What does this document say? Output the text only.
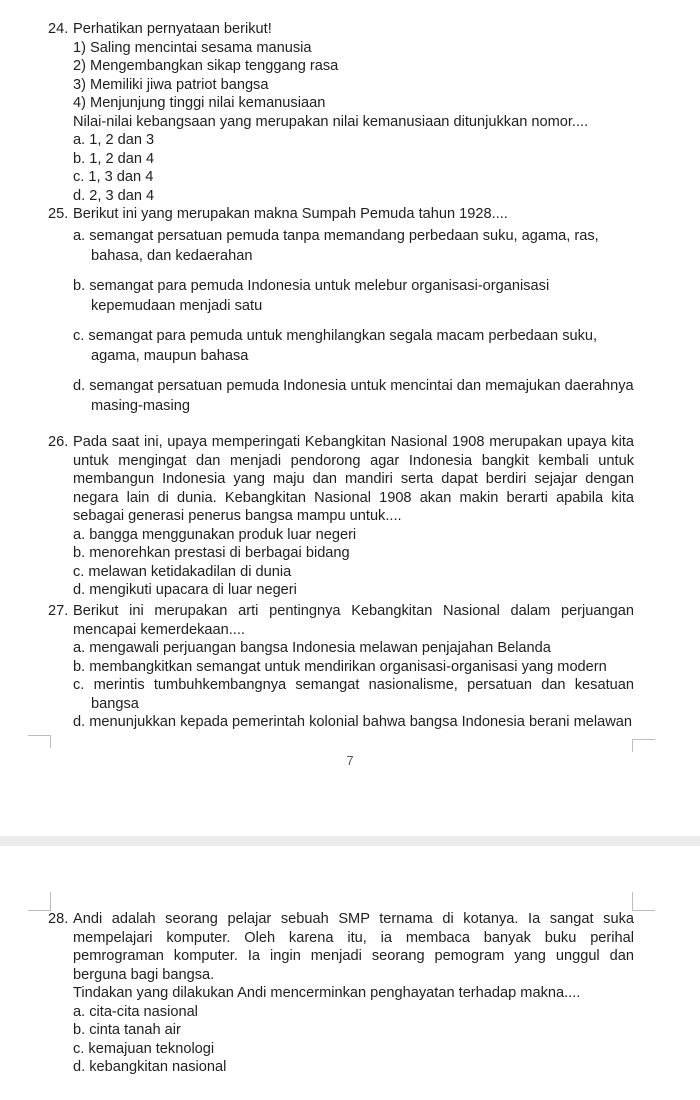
24. Perhatikan pernyataan berikut!
1) Saling mencintai sesama manusia
2) Mengembangkan sikap tenggang rasa
3) Memiliki jiwa patriot bangsa
4) Menjunjung tinggi nilai kemanusiaan
Nilai-nilai kebangsaan yang merupakan nilai kemanusiaan ditunjukkan nomor....
a. 1, 2 dan 3
b. 1, 2 dan 4
c. 1, 3 dan 4
d. 2, 3 dan 4
25. Berikut ini yang merupakan makna Sumpah Pemuda tahun 1928....
a. semangat persatuan pemuda tanpa memandang perbedaan suku, agama, ras, bahasa, dan kedaerahan
b. semangat para pemuda Indonesia untuk melebur organisasi-organisasi kepemudaan menjadi satu
c. semangat para pemuda untuk menghilangkan segala macam perbedaan suku, agama, maupun bahasa
d. semangat persatuan pemuda Indonesia untuk mencintai dan memajukan daerahnya masing-masing
26. Pada saat ini, upaya memperingati Kebangkitan Nasional 1908 merupakan upaya kita untuk mengingat dan menjadi pendorong agar Indonesia bangkit kembali untuk membangun Indonesia yang maju dan mandiri serta dapat berdiri sejajar dengan negara lain di dunia. Kebangkitan Nasional 1908 akan makin berarti apabila kita sebagai generasi penerus bangsa mampu untuk....
a. bangga menggunakan produk luar negeri
b. menorehkan prestasi di berbagai bidang
c. melawan ketidakadilan di dunia
d. mengikuti upacara di luar negeri
27. Berikut ini merupakan arti pentingnya Kebangkitan Nasional dalam perjuangan mencapai kemerdekaan....
a. mengawali perjuangan bangsa Indonesia melawan penjajahan Belanda
b. membangkitkan semangat untuk mendirikan organisasi-organisasi yang modern
c. merintis tumbuhkembangnya semangat nasionalisme, persatuan dan kesatuan bangsa
d. menunjukkan kepada pemerintah kolonial bahwa bangsa Indonesia berani melawan
7
28. Andi adalah seorang pelajar sebuah SMP ternama di kotanya. Ia sangat suka mempelajari komputer. Oleh karena itu, ia membaca banyak buku perihal pemrograman komputer. Ia ingin menjadi seorang pemogram yang unggul dan berguna bagi bangsa.
Tindakan yang dilakukan Andi mencerminkan penghayatan terhadap makna....
a. cita-cita nasional
b. cinta tanah air
c. kemajuan teknologi
d. kebangkitan nasional
